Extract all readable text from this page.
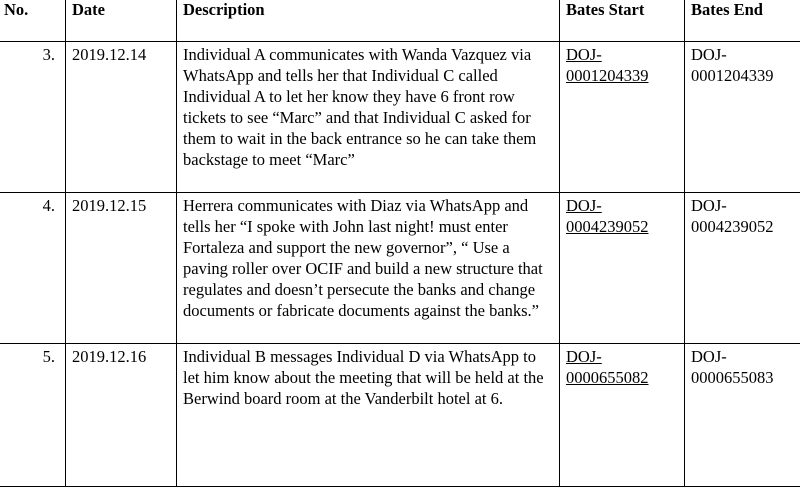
No.	Date	Description	Bates Start	Bates End
3.	2019.12.14	Individual A communicates with Wanda Vazquez via WhatsApp and tells her that Individual C called Individual A to let her know they have 6 front row tickets to see “Marc” and that Individual C asked for them to wait in the back entrance so he can take them backstage to meet “Marc”	DOJ-0001204339	DOJ-0001204339
4.	2019.12.15	Herrera communicates with Diaz via WhatsApp and tells her “I spoke with John last night! must enter Fortaleza and support the new governor”, “ Use a paving roller over OCIF and build a new structure that regulates and doesn’t persecute the banks and change documents or fabricate documents against the banks.”	DOJ-0004239052	DOJ-0004239052
5.	2019.12.16	Individual B messages Individual D via WhatsApp to let him know about the meeting that will be held at the Berwind board room at the Vanderbilt hotel at 6.	DOJ-0000655082	DOJ-0000655083
